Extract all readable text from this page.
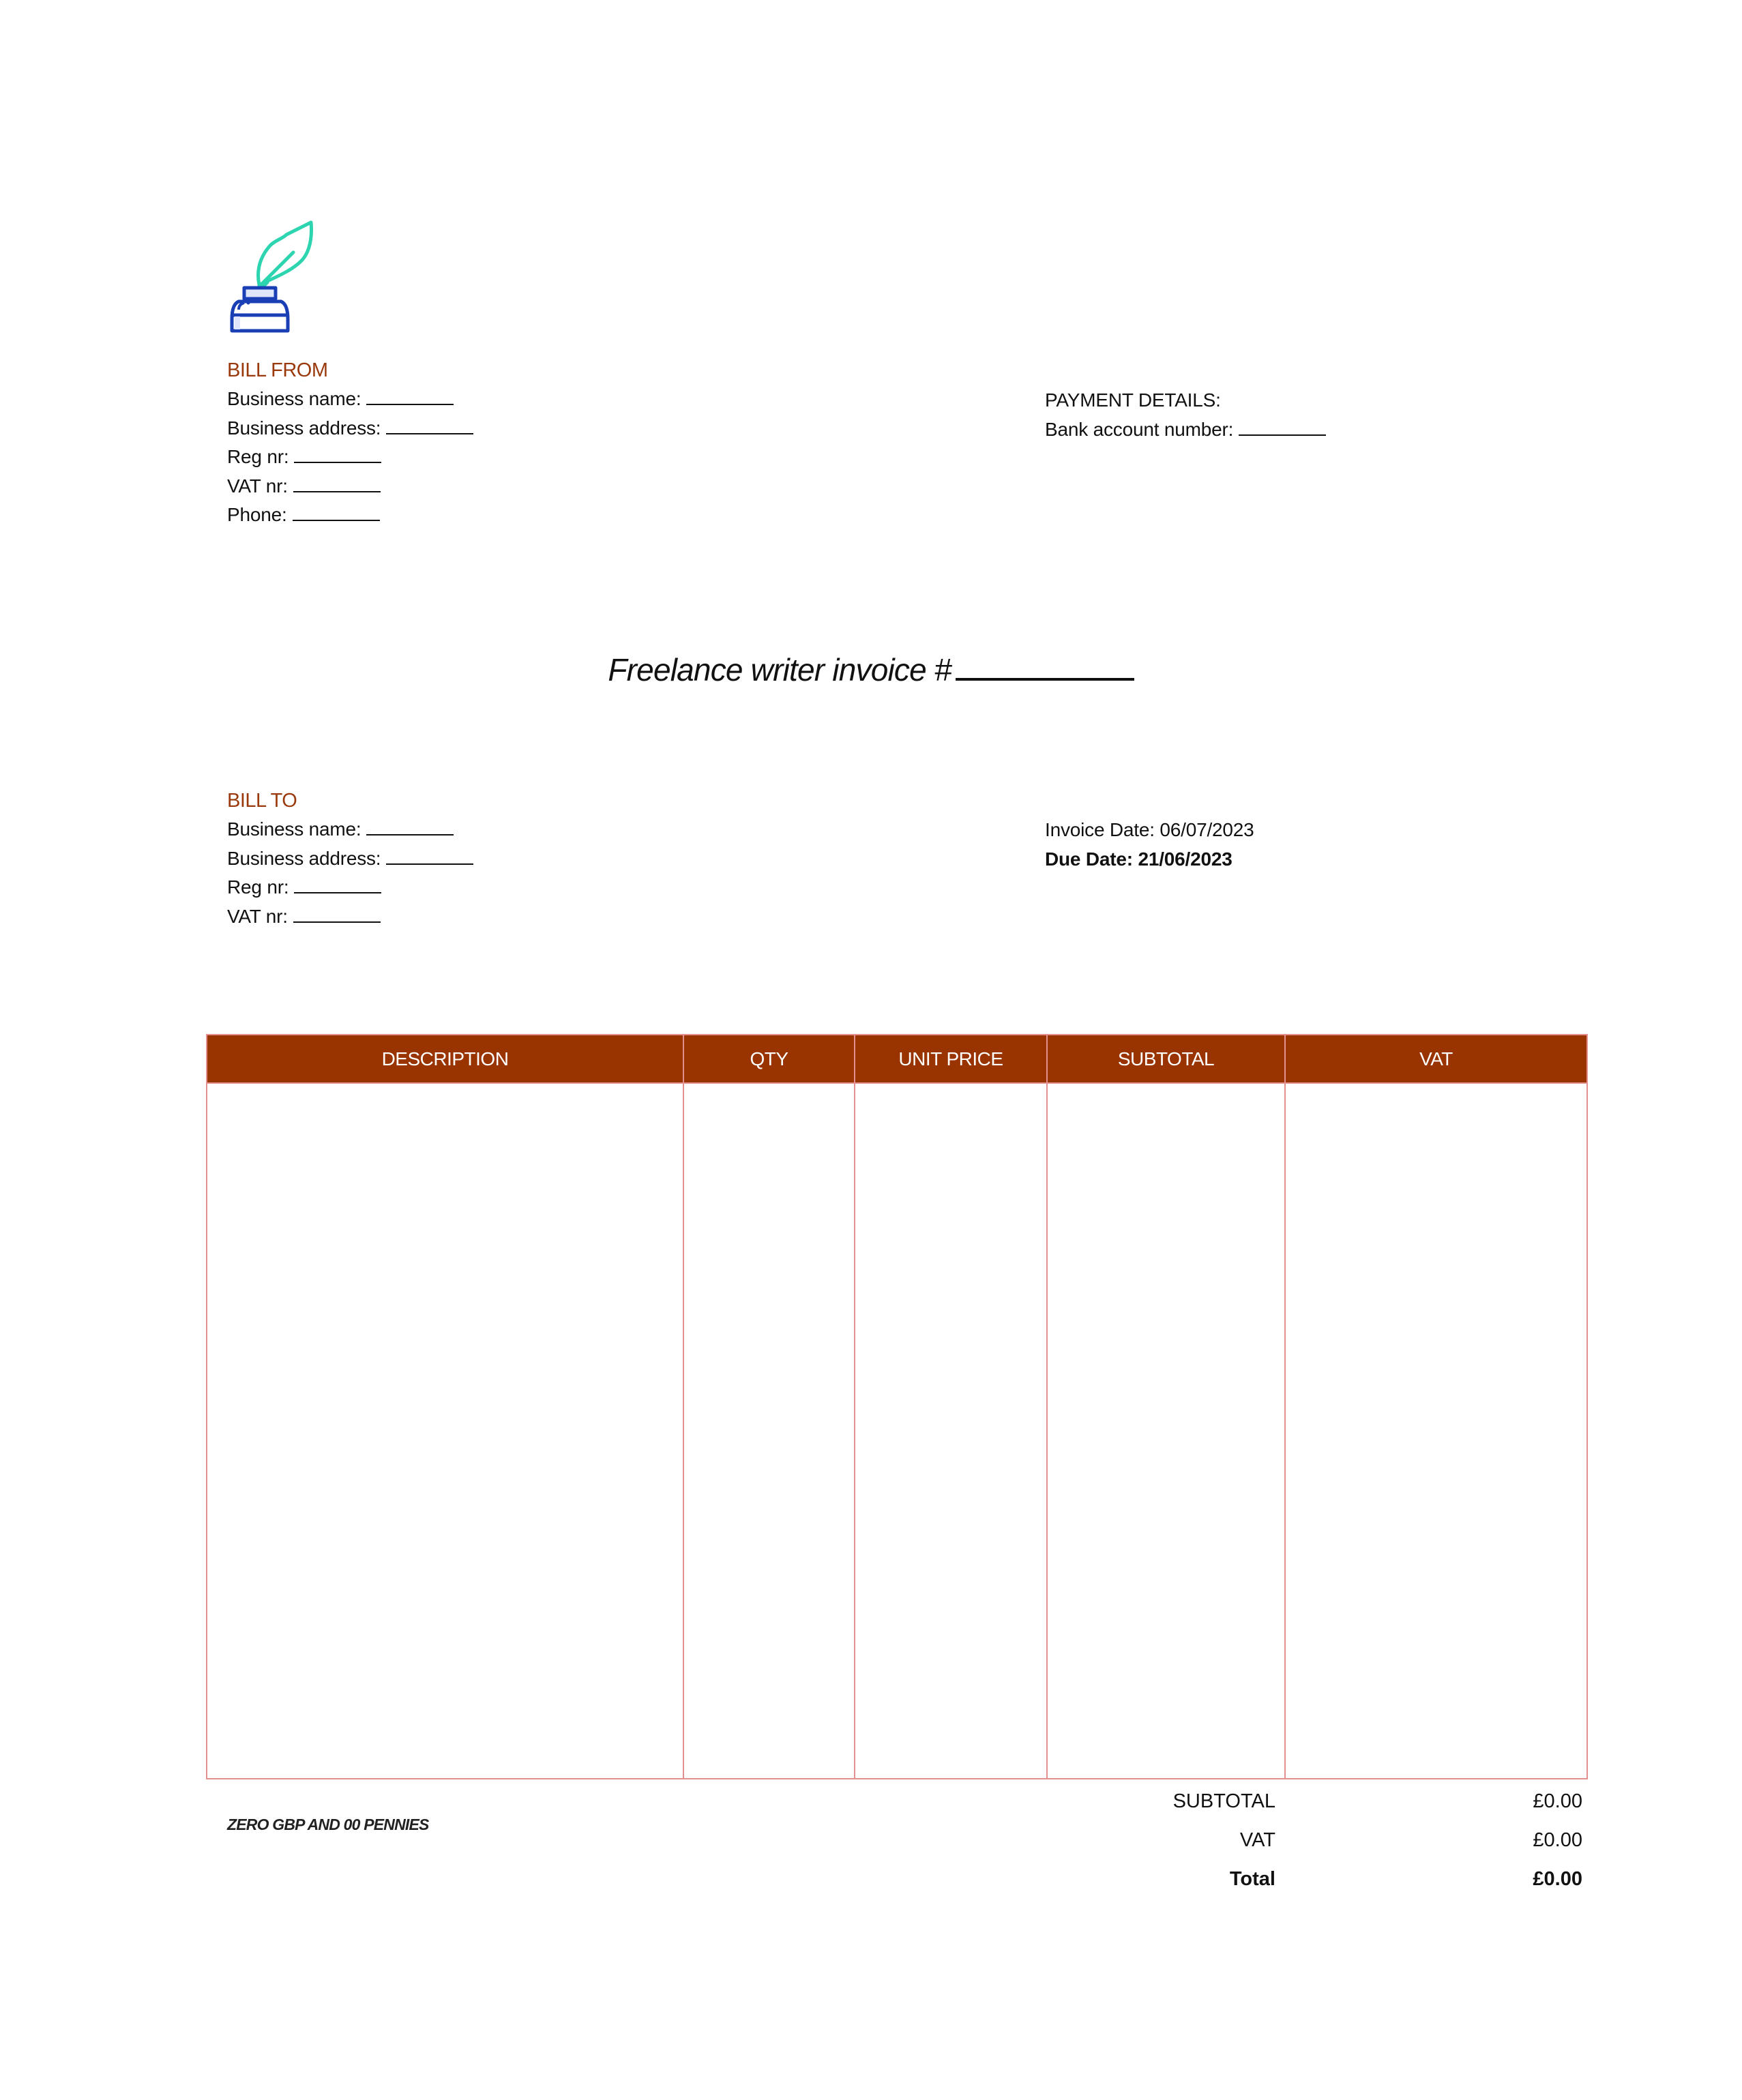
BILL FROM
Business name:
Business address:
Reg nr:
VAT nr:
Phone:
PAYMENT DETAILS:
Bank account number:
Freelance writer invoice #
BILL TO
Business name:
Business address:
Reg nr:
VAT nr:
Invoice Date: 06/07/2023
Due Date: 21/06/2023
DESCRIPTION	QTY	UNIT PRICE	SUBTOTAL	VAT
ZERO GBP AND 00 PENNIES
SUBTOTAL	£0.00
VAT	£0.00
Total	£0.00
